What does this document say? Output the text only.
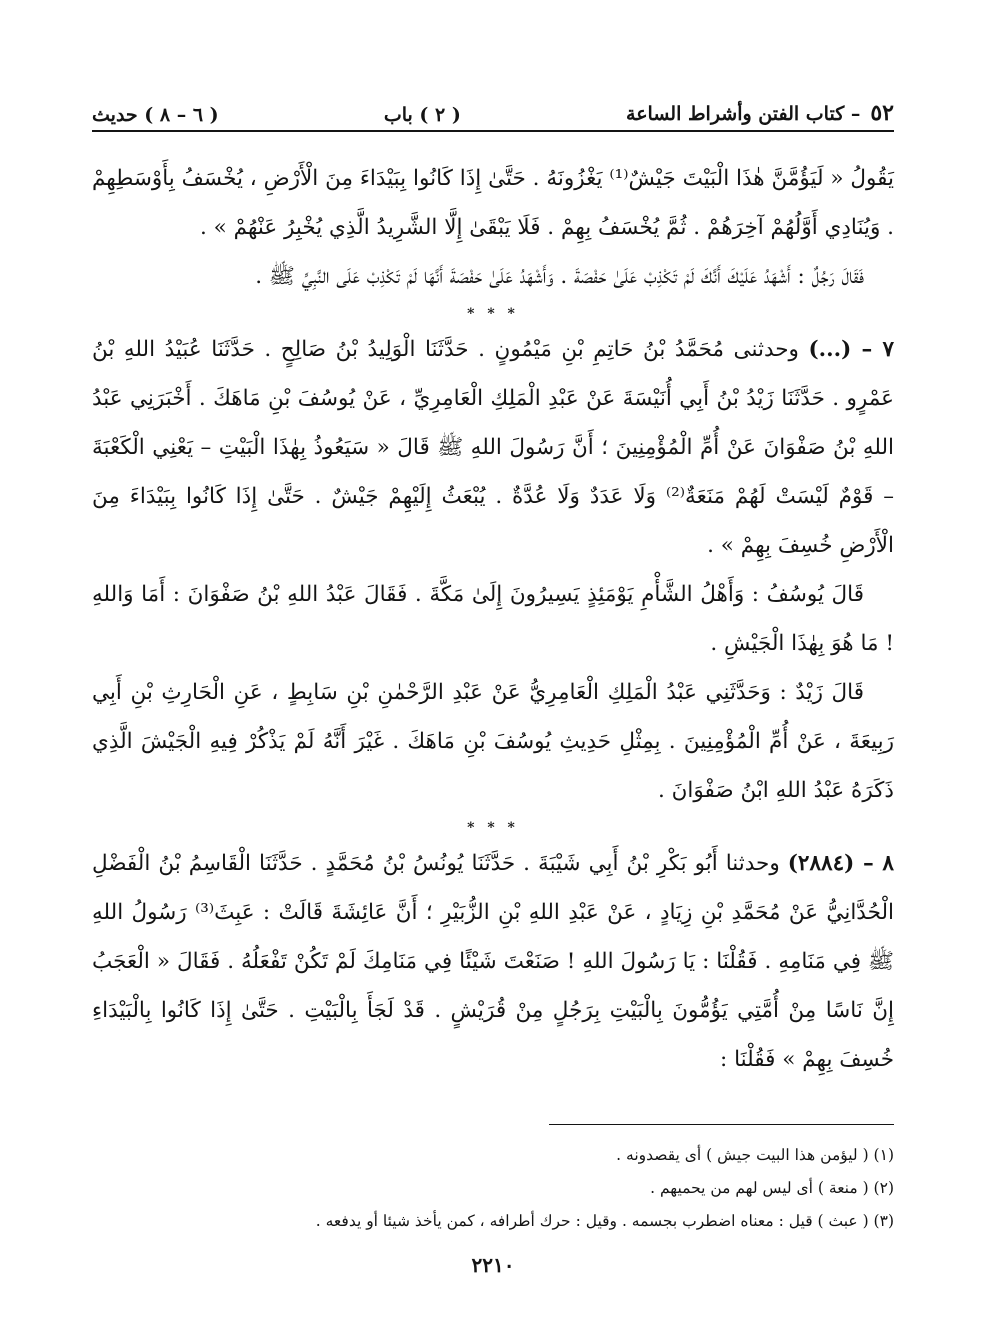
٥٢
– كتاب الفتن وأشراط الساعة
( ٢ ) باب
( ٦ – ٨ ) حديث

يَقُولُ « لَيَؤُمَّنَّ هٰذَا الْبَيْتَ جَيْشٌ⁽¹⁾ يَغْزُونَهُ . حَتَّىٰ إِذَا كَانُوا بِبَيْدَاءَ مِنَ الْأَرْضِ ، يُخْسَفُ بِأَوْسَطِهِمْ . وَيُنَادِي أَوَّلُهُمْ آخِرَهُمْ . ثُمَّ يُخْسَفُ بِهِمْ . فَلَا يَبْقَىٰ إِلَّا الشَّرِيدُ الَّذِي يُخْبِرُ عَنْهُمْ » .

فَقَالَ رَجُلٌ : أَشْهَدُ عَلَيْكَ أَنَّكَ لَمْ تَكْذِبْ عَلَىٰ حَفْصَةَ . وَأَشْهَدُ عَلَىٰ حَفْصَةَ أَنَّهَا لَمْ تَكْذِبْ عَلَى النَّبِيِّ ﷺ .

* * *

٧ – (...) وحدثنى مُحَمَّدُ بْنُ حَاتِمِ بْنِ مَيْمُونٍ . حَدَّثَنَا الْوَلِيدُ بْنُ صَالِحٍ . حَدَّثَنَا عُبَيْدُ اللهِ بْنُ عَمْرٍو . حَدَّثَنَا زَيْدُ بْنُ أَبِي أُنَيْسَةَ عَنْ عَبْدِ الْمَلِكِ الْعَامِرِيِّ ، عَنْ يُوسُفَ بْنِ مَاهَكَ . أَخْبَرَنِي عَبْدُ اللهِ بْنُ صَفْوَانَ عَنْ أُمِّ الْمُؤْمِنِينَ ؛ أَنَّ رَسُولَ اللهِ ﷺ قَالَ « سَيَعُوذُ بِهٰذَا الْبَيْتِ – يَعْنِي الْكَعْبَةَ – قَوْمٌ لَيْسَتْ لَهُمْ مَنَعَةٌ⁽²⁾ وَلَا عَدَدٌ وَلَا عُدَّةٌ . يُبْعَثُ إِلَيْهِمْ جَيْشٌ . حَتَّىٰ إِذَا كَانُوا بِبَيْدَاءَ مِنَ الْأَرْضِ خُسِفَ بِهِمْ » .

قَالَ يُوسُفُ : وَأَهْلُ الشَّأْمِ يَوْمَئِذٍ يَسِيرُونَ إِلَىٰ مَكَّةَ . فَقَالَ عَبْدُ اللهِ بْنُ صَفْوَانَ : أَمَا وَاللهِ ! مَا هُوَ بِهٰذَا الْجَيْشِ .

قَالَ زَيْدٌ : وَحَدَّثَنِي عَبْدُ الْمَلِكِ الْعَامِرِيُّ عَنْ عَبْدِ الرَّحْمٰنِ بْنِ سَابِطٍ ، عَنِ الْحَارِثِ بْنِ أَبِي رَبِيعَةَ ، عَنْ أُمِّ الْمُؤْمِنِينَ . بِمِثْلِ حَدِيثِ يُوسُفَ بْنِ مَاهَكَ . غَيْرَ أَنَّهُ لَمْ يَذْكُرْ فِيهِ الْجَيْشَ الَّذِي ذَكَرَهُ عَبْدُ اللهِ ابْنُ صَفْوَانَ .

* * *

٨ – (٢٨٨٤) وحدثنا أَبُو بَكْرِ بْنُ أَبِي شَيْبَةَ . حَدَّثَنَا يُونُسُ بْنُ مُحَمَّدٍ . حَدَّثَنَا الْقَاسِمُ بْنُ الْفَضْلِ الْحُدَّانِيُّ عَنْ مُحَمَّدِ بْنِ زِيَادٍ ، عَنْ عَبْدِ اللهِ بْنِ الزُّبَيْرِ ؛ أَنَّ عَائِشَةَ قَالَتْ : عَبِثَ⁽³⁾ رَسُولُ اللهِ ﷺ فِي مَنَامِهِ . فَقُلْنَا : يَا رَسُولَ اللهِ ! صَنَعْتَ شَيْئًا فِي مَنَامِكَ لَمْ تَكُنْ تَفْعَلُهُ . فَقَالَ « الْعَجَبُ إِنَّ نَاسًا مِنْ أُمَّتِي يَؤُمُّونَ بِالْبَيْتِ بِرَجُلٍ مِنْ قُرَيْشٍ . قَدْ لَجَأَ بِالْبَيْتِ . حَتَّىٰ إِذَا كَانُوا بِالْبَيْدَاءِ خُسِفَ بِهِمْ » فَقُلْنَا :

(١) ( ليؤمن هذا البيت جيش ) أى يقصدونه .
(٢) ( منعة ) أى ليس لهم من يحميهم .
(٣) ( عبث ) قيل : معناه اضطرب بجسمه . وقيل : حرك أطرافه ، كمن يأخذ شيئا أو يدفعه .
٢٢١٠
